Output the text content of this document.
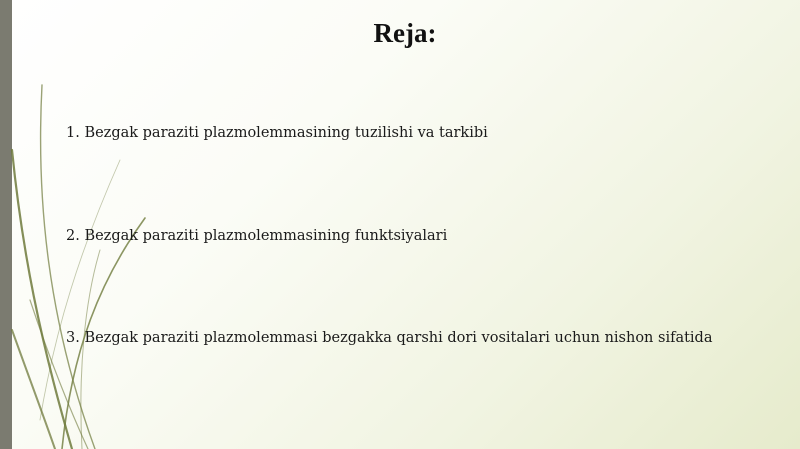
Reja:
1. Bezgak paraziti plazmolemmasining tuzilishi va tarkibi
2. Bezgak paraziti plazmolemmasining funktsiyalari
3. Bezgak paraziti plazmolemmasi bezgakka qarshi dori vositalari uchun nishon sifatida
